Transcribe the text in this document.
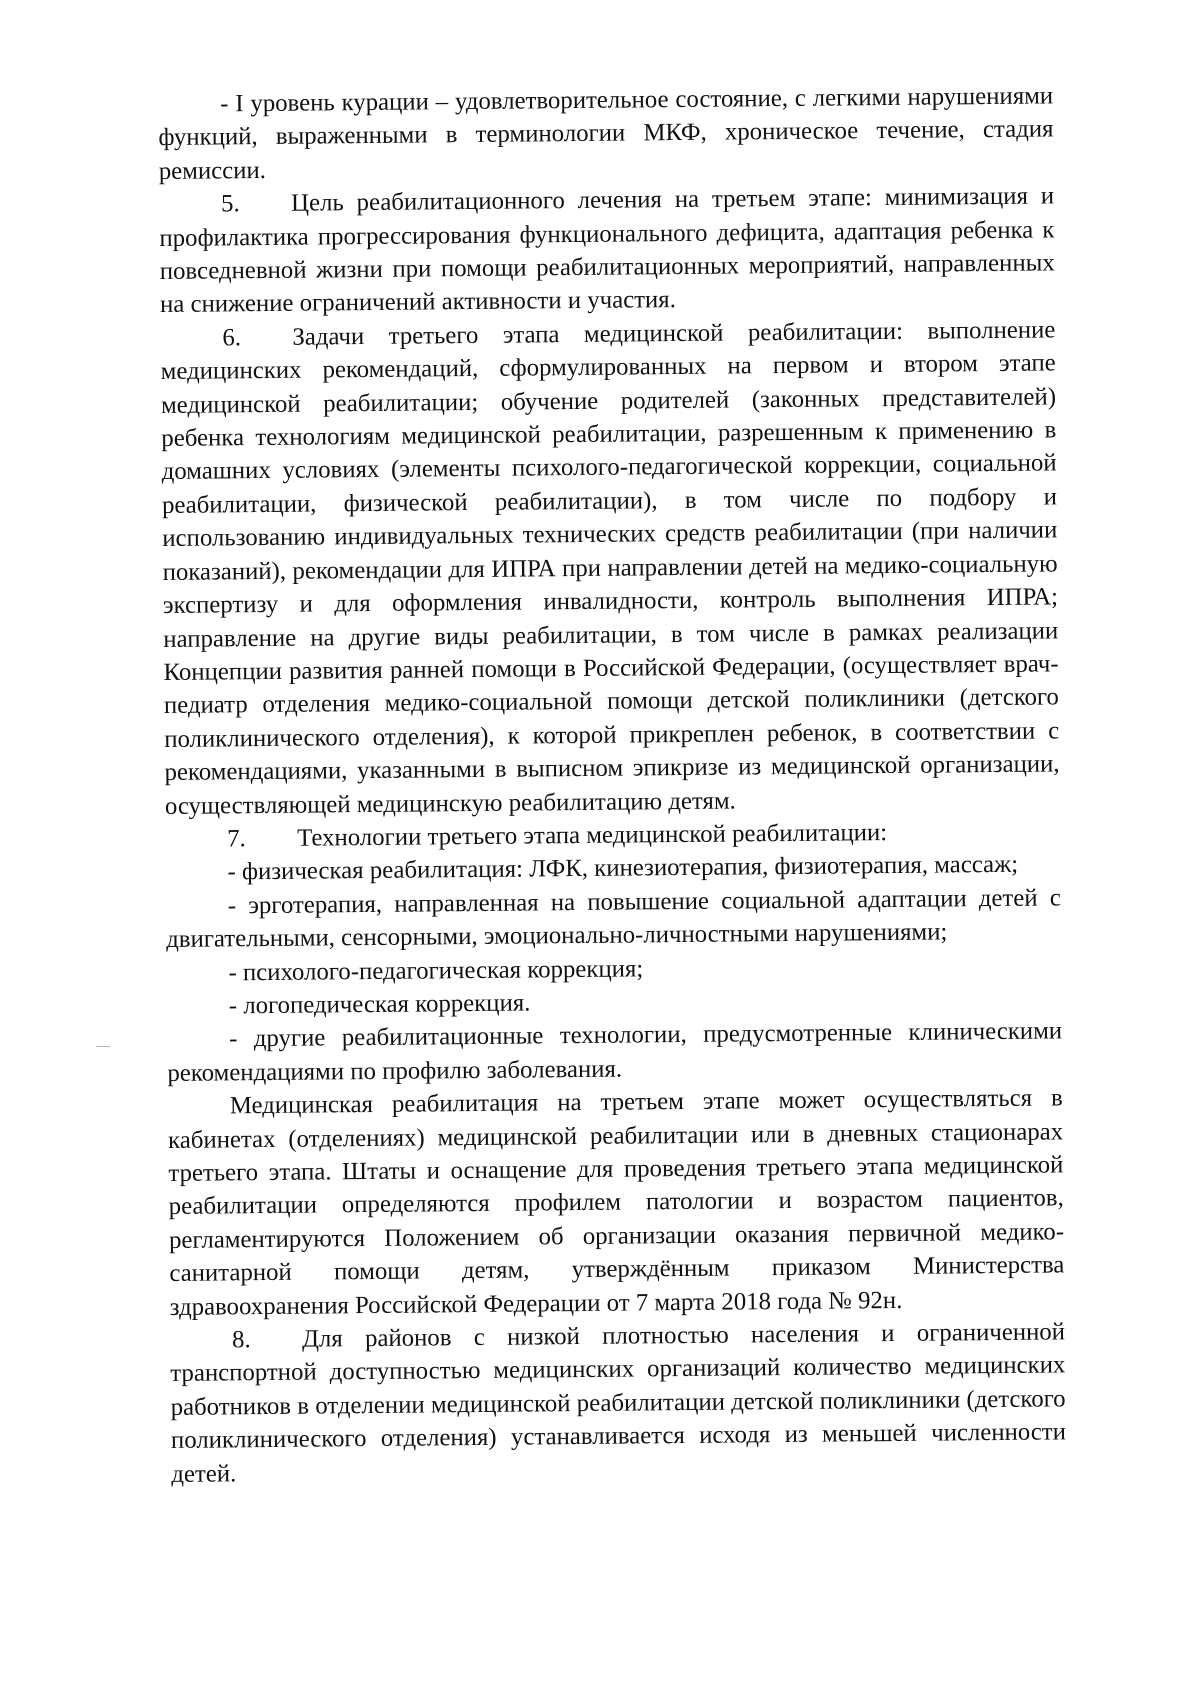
- I уровень курации – удовлетворительное состояние, с легкими нарушениями функций, выраженными в терминологии МКФ, хроническое течение, стадия ремиссии.

5. Цель реабилитационного лечения на третьем этапе: минимизация и профилактика прогрессирования функционального дефицита, адаптация ребенка к повседневной жизни при помощи реабилитационных мероприятий, направленных на снижение ограничений активности и участия.

6. Задачи третьего этапа медицинской реабилитации: выполнение медицинских рекомендаций, сформулированных на первом и втором этапе медицинской реабилитации; обучение родителей (законных представителей) ребенка технологиям медицинской реабилитации, разрешенным к применению в домашних условиях (элементы психолого-педагогической коррекции, социальной реабилитации, физической реабилитации), в том числе по подбору и использованию индивидуальных технических средств реабилитации (при наличии показаний), рекомендации для ИПРА при направлении детей на медико-социальную экспертизу и для оформления инвалидности, контроль выполнения ИПРА; направление на другие виды реабилитации, в том числе в рамках реализации Концепции развития ранней помощи в Российской Федерации, (осуществляет врач-педиатр отделения медико-социальной помощи детской поликлиники (детского поликлинического отделения), к которой прикреплен ребенок, в соответствии с рекомендациями, указанными в выписном эпикризе из медицинской организации, осуществляющей медицинскую реабилитацию детям.

7. Технологии третьего этапа медицинской реабилитации:

- физическая реабилитация: ЛФК, кинезиотерапия, физиотерапия, массаж;

- эрготерапия, направленная на повышение социальной адаптации детей с двигательными, сенсорными, эмоционально-личностными нарушениями;

- психолого-педагогическая коррекция;

- логопедическая коррекция.

- другие реабилитационные технологии, предусмотренные клиническими рекомендациями по профилю заболевания.

Медицинская реабилитация на третьем этапе может осуществляться в кабинетах (отделениях) медицинской реабилитации или в дневных стационарах третьего этапа. Штаты и оснащение для проведения третьего этапа медицинской реабилитации определяются профилем патологии и возрастом пациентов, регламентируются Положением об организации оказания первичной медико-санитарной помощи детям, утверждённым приказом Министерства здравоохранения Российской Федерации от 7 марта 2018 года № 92н.

8. Для районов с низкой плотностью населения и ограниченной транспортной доступностью медицинских организаций количество медицинских работников в отделении медицинской реабилитации детской поликлиники (детского поликлинического отделения) устанавливается исходя из меньшей численности детей.
